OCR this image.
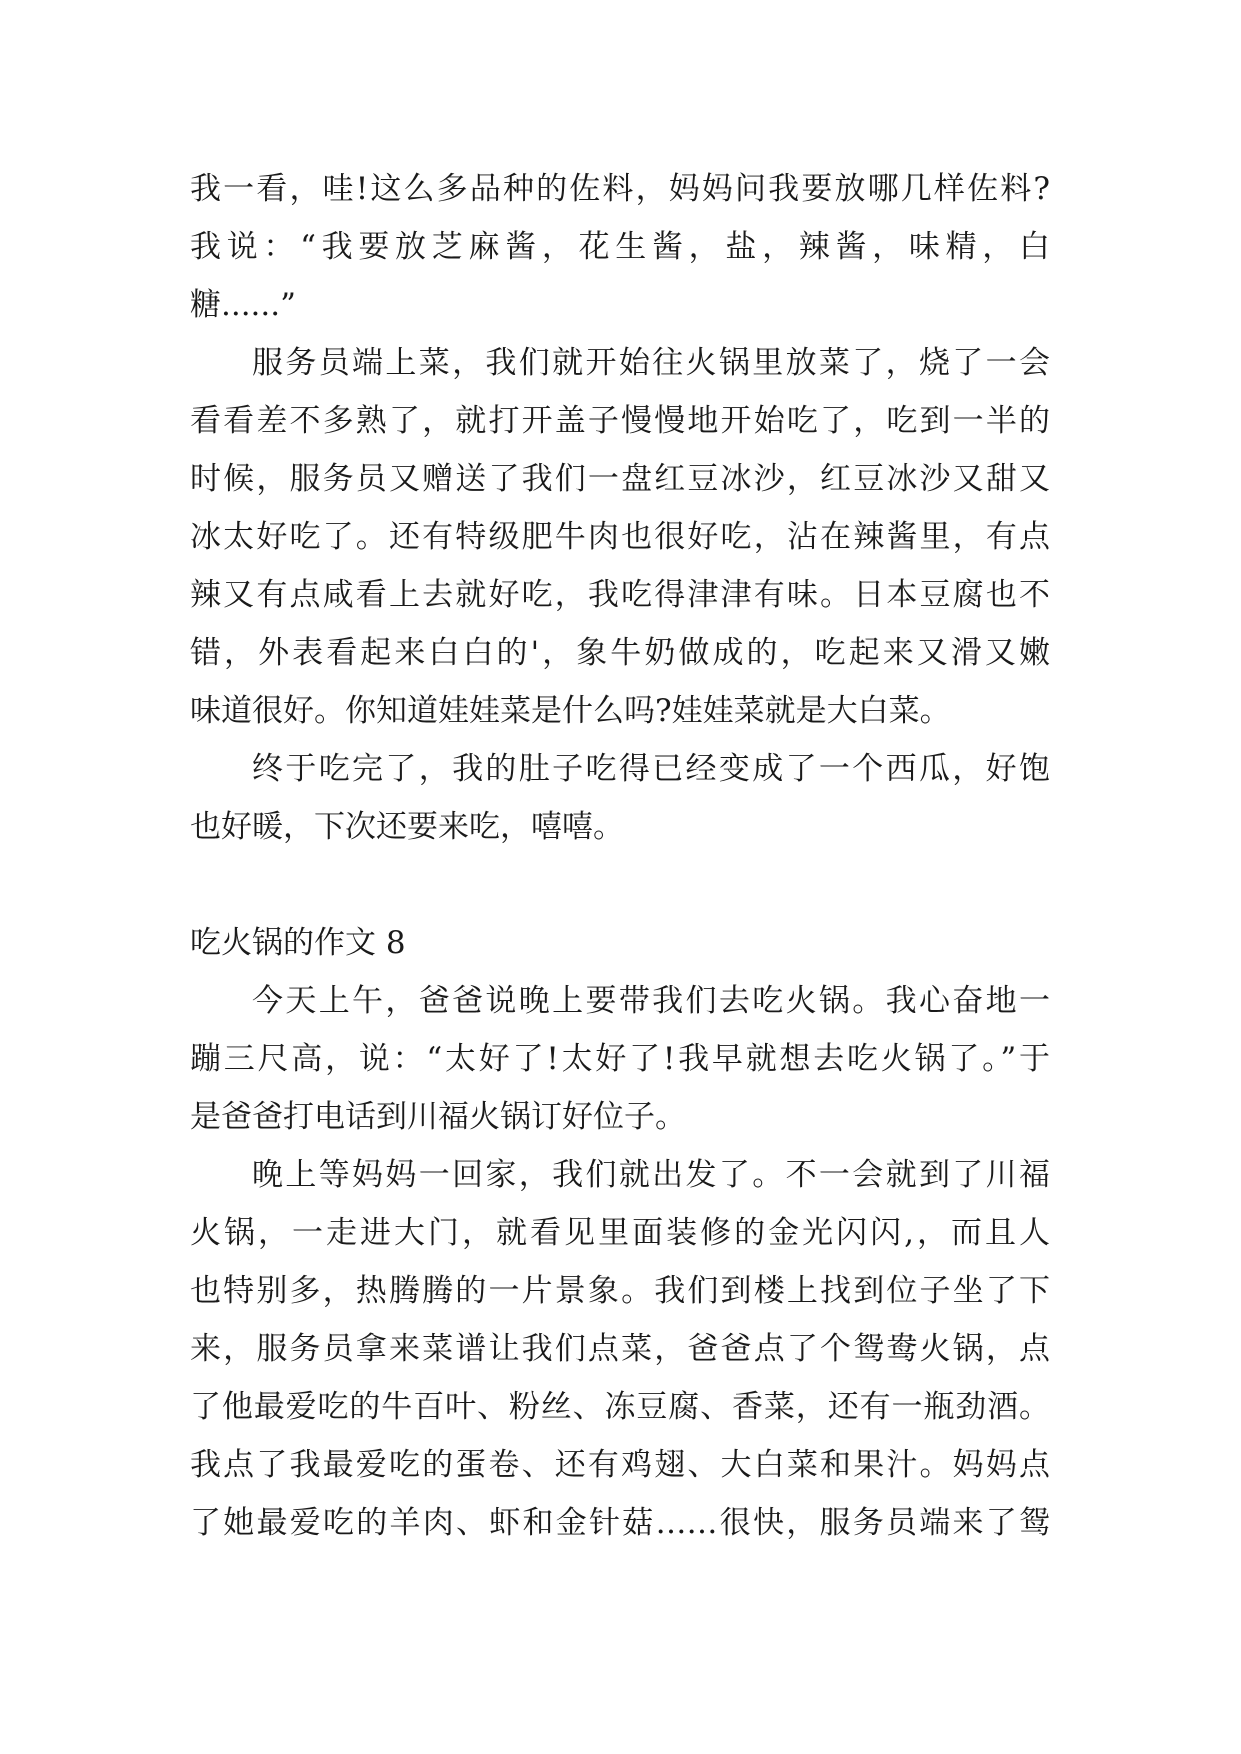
我一看，哇!这么多品种的佐料，妈妈问我要放哪几样佐料?
我说：“我要放芝麻酱，花生酱，盐，辣酱，味精，白
糖......”
服务员端上菜，我们就开始往火锅里放菜了，烧了一会
看看差不多熟了，就打开盖子慢慢地开始吃了，吃到一半的
时候，服务员又赠送了我们一盘红豆冰沙，红豆冰沙又甜又
冰太好吃了。还有特级肥牛肉也很好吃，沾在辣酱里，有点
辣又有点咸看上去就好吃，我吃得津津有味。日本豆腐也不
错，外表看起来白白的'，象牛奶做成的，吃起来又滑又嫩
味道很好。你知道娃娃菜是什么吗?娃娃菜就是大白菜。
终于吃完了，我的肚子吃得已经变成了一个西瓜，好饱
也好暖，下次还要来吃，嘻嘻。
吃火锅的作文 8
今天上午，爸爸说晚上要带我们去吃火锅。我心奋地一
蹦三尺高，说：“太好了!太好了!我早就想去吃火锅了。”于
是爸爸打电话到川福火锅订好位子。
晚上等妈妈一回家，我们就出发了。不一会就到了川福
火锅，一走进大门，就看见里面装修的金光闪闪,，而且人
也特别多，热腾腾的一片景象。我们到楼上找到位子坐了下
来，服务员拿来菜谱让我们点菜，爸爸点了个鸳鸯火锅，点
了他最爱吃的牛百叶、粉丝、冻豆腐、香菜，还有一瓶劲酒。
我点了我最爱吃的蛋卷、还有鸡翅、大白菜和果汁。妈妈点
了她最爱吃的羊肉、虾和金针菇……很快，服务员端来了鸳
